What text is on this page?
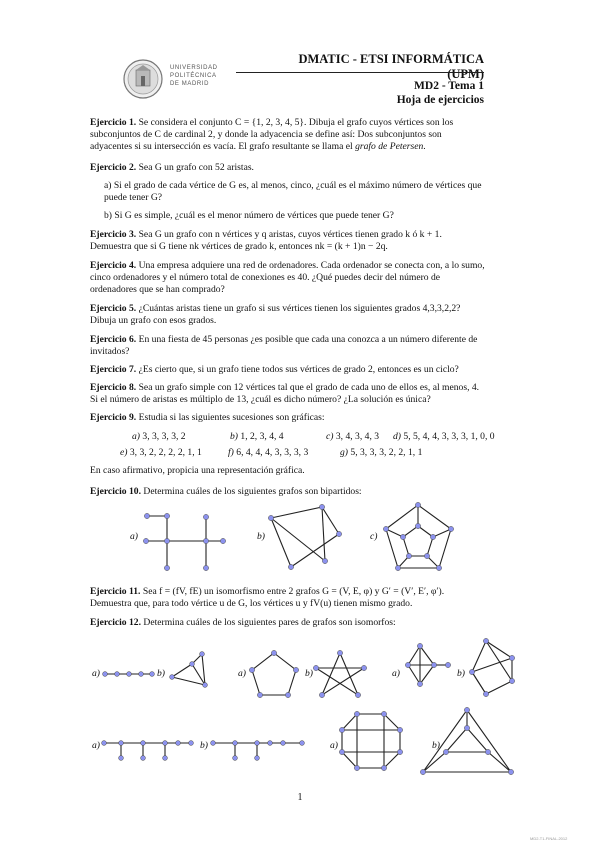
UNIVERSIDAD
POLITÉCNICA
DE MADRID
DMATIC - ETSI INFORMÁTICA (UPM)
MD2 - Tema 1
Hoja de ejercicios
Ejercicio 1. Se considera el conjunto C = {1, 2, 3, 4, 5}. Dibuja el grafo cuyos vértices son los subconjuntos de C de cardinal 2, y donde la adyacencia se define así: Dos subconjuntos son adyacentes si su intersección es vacía. El grafo resultante se llama el grafo de Petersen.
Ejercicio 2. Sea G un grafo con 52 aristas.
a) Si el grado de cada vértice de G es, al menos, cinco, ¿cuál es el máximo número de vértices que puede tener G?
b) Si G es simple, ¿cuál es el menor número de vértices que puede tener G?
Ejercicio 3. Sea G un grafo con n vértices y q aristas, cuyos vértices tienen grado k ó k + 1. Demuestra que si G tiene nk vértices de grado k, entonces nk = (k + 1)n − 2q.
Ejercicio 4. Una empresa adquiere una red de ordenadores. Cada ordenador se conecta con, a lo sumo, cinco ordenadores y el número total de conexiones es 40. ¿Qué puedes decir del número de ordenadores que se han comprado?
Ejercicio 5. ¿Cuántas aristas tiene un grafo si sus vértices tienen los siguientes grados 4,3,3,2,2? Dibuja un grafo con esos grados.
Ejercicio 6. En una fiesta de 45 personas ¿es posible que cada una conozca a un número diferente de invitados?
Ejercicio 7. ¿Es cierto que, si un grafo tiene todos sus vértices de grado 2, entonces es un ciclo?
Ejercicio 8. Sea un grafo simple con 12 vértices tal que el grado de cada uno de ellos es, al menos, 4. Si el número de aristas es múltiplo de 13, ¿cuál es dicho número? ¿La solución es única?
Ejercicio 9. Estudia si las siguientes sucesiones son gráficas:
a) 3, 3, 3, 3, 2	b) 1, 2, 3, 4, 4	c) 3, 4, 3, 4, 3 d) 5, 5, 4, 4, 3, 3, 3, 1, 0, 0
e) 3, 3, 2, 2, 2, 2, 1, 1	f) 6, 4, 4, 4, 3, 3, 3, 3	g) 5, 3, 3, 3, 2, 2, 1, 1
En caso afirmativo, propicia una representación gráfica.
Ejercicio 10. Determina cuáles de los siguientes grafos son bipartidos:
a)	b)	c)
Ejercicio 11. Sea f = (fV, fE) un isomorfismo entre 2 grafos G = (V, E, φ) y G′ = (V′, E′, φ′). Demuestra que, para todo vértice u de G, los vértices u y fV(u) tienen mismo grado.
Ejercicio 12. Determina cuáles de los siguientes pares de grafos son isomorfos:
a)	b)	a)	b)	a)	b)
a)	b)	a)	b)
1
MD2-T1-FINAL-2012
